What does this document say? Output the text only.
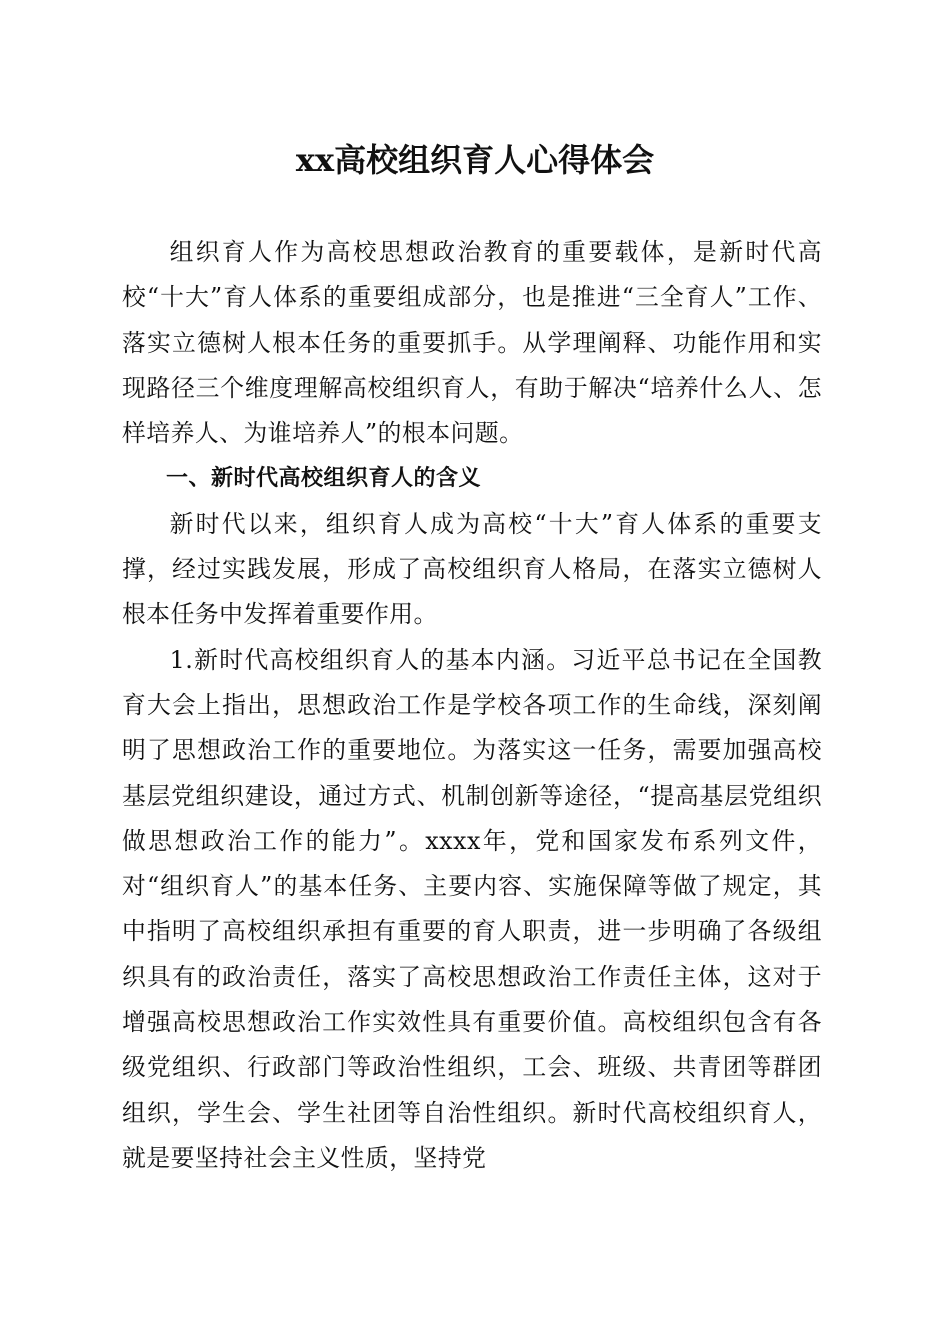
xx高校组织育人心得体会

组织育人作为高校思想政治教育的重要载体，是新时代高校“十大”育人体系的重要组成部分，也是推进“三全育人”工作、落实立德树人根本任务的重要抓手。从学理阐释、功能作用和实现路径三个维度理解高校组织育人，有助于解决“培养什么人、怎样培养人、为谁培养人”的根本问题。

一、新时代高校组织育人的含义

新时代以来，组织育人成为高校“十大”育人体系的重要支撑，经过实践发展，形成了高校组织育人格局，在落实立德树人根本任务中发挥着重要作用。

1.新时代高校组织育人的基本内涵。习近平总书记在全国教育大会上指出，思想政治工作是学校各项工作的生命线，深刻阐明了思想政治工作的重要地位。为落实这一任务，需要加强高校基层党组织建设，通过方式、机制创新等途径，“提高基层党组织做思想政治工作的能力”。xxxx年，党和国家发布系列文件，对“组织育人”的基本任务、主要内容、实施保障等做了规定，其中指明了高校组织承担有重要的育人职责，进一步明确了各级组织具有的政治责任，落实了高校思想政治工作责任主体，这对于增强高校思想政治工作实效性具有重要价值。高校组织包含有各级党组织、行政部门等政治性组织，工会、班级、共青团等群团组织，学生会、学生社团等自治性组织。新时代高校组织育人，就是要坚持社会主义性质，坚持党
